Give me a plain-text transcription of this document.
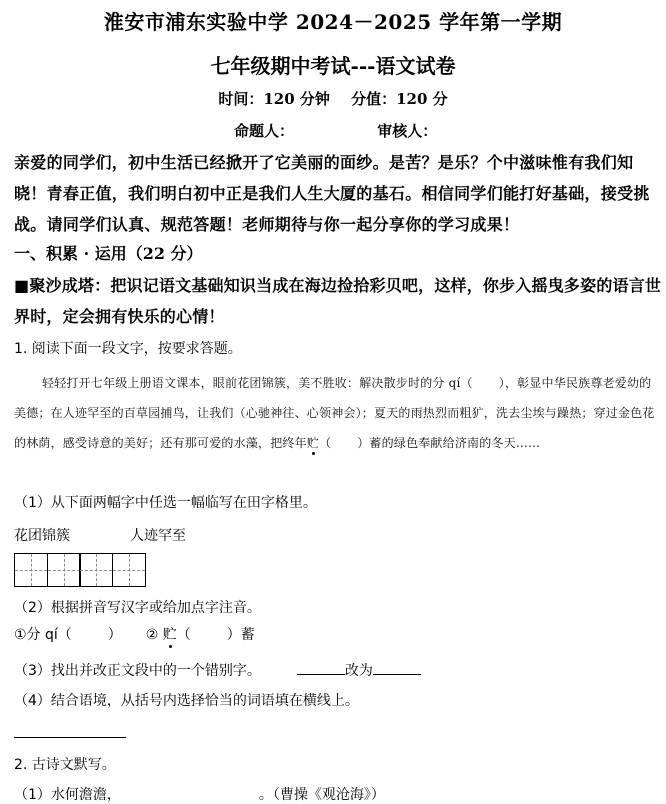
淮安市浦东实验中学 2024－2025 学年第一学期
七年级期中考试---语文试卷
时间：120 分钟 分值：120 分
命题人：	审核人：
亲爱的同学们，初中生活已经掀开了它美丽的面纱。是苦？是乐？个中滋味惟有我们知晓！青春正值，我们明白初中正是我们人生大厦的基石。相信同学们能打好基础，接受挑战。请同学们认真、规范答题！老师期待与你一起分享你的学习成果！
一、积累 · 运用（22 分）
■聚沙成塔：把识记语文基础知识当成在海边捡拾彩贝吧，这样，你步入摇曳多姿的语言世界时，定会拥有快乐的心情！
1. 阅读下面一段文字，按要求答题。
轻轻打开七年级上册语文课本，眼前花团锦簇，美不胜收：解决散步时的分 qí（ ），彰显中华民族尊老爱幼的美德；在人迹罕至的百草园捕鸟，让我们（心驰神往、心领神会）；夏天的雨热烈而粗犷，洗去尘埃与躁热；穿过金色花的林荫，感受诗意的美好；还有那可爱的水藻，把终年贮（ ）蓄的绿色奉献给济南的冬天……
（1）从下面两幅字中任选一幅临写在田字格里。
花团锦簇	人迹罕至
（2）根据拼音写汉字或给加点字注音。
①分 qí（	） ② 贮（	）蓄
（3）找出并改正文段中的一个错别字。	改为
（4）结合语境，从括号内选择恰当的词语填在横线上。
2. 古诗文默写。
（1）水何澹澹，	。（曹操《观沧海》）
